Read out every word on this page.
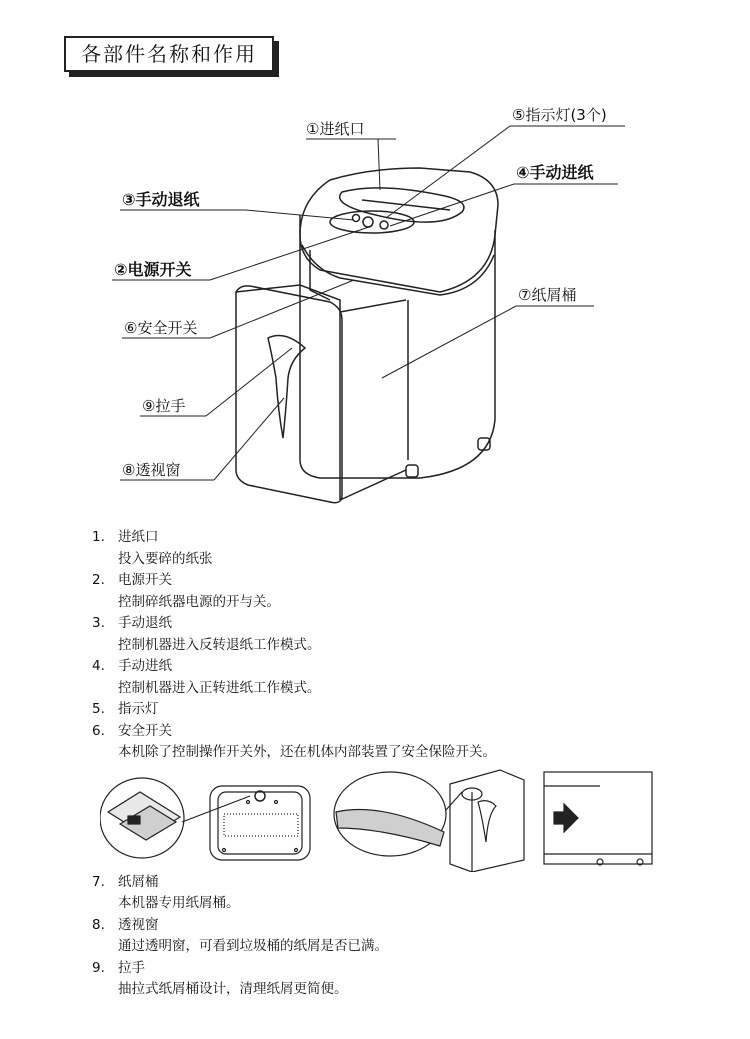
各部件名称和作用
①进纸口
⑤指示灯(3个)
④手动进纸
③手动退纸
②电源开关
⑦纸屑桶
⑥安全开关
⑨拉手
⑧透视窗
1. 进纸口
投入要碎的纸张
2. 电源开关
控制碎纸器电源的开与关。
3. 手动退纸
控制机器进入反转退纸工作模式。
4. 手动进纸
控制机器进入正转进纸工作模式。
5. 指示灯
6. 安全开关
本机除了控制操作开关外，还在机体内部装置了安全保险开关。
7. 纸屑桶
本机器专用纸屑桶。
8. 透视窗
通过透明窗，可看到垃圾桶的纸屑是否已满。
9. 拉手
抽拉式纸屑桶设计，清理纸屑更简便。
